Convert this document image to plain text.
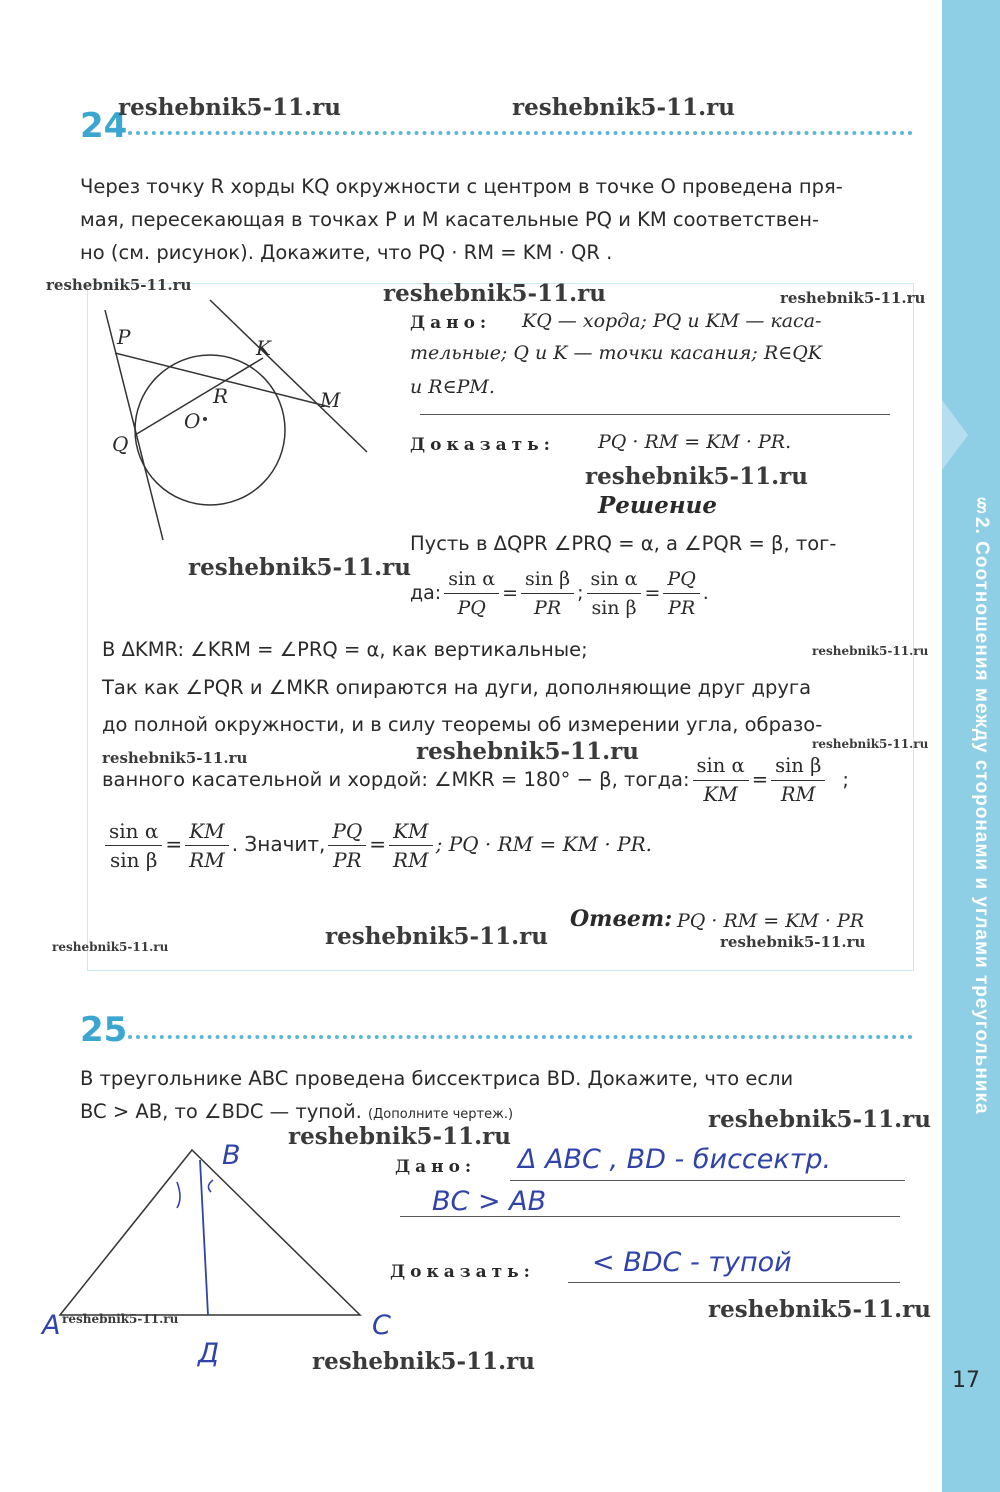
§2. Соотношения между сторонами и углами треугольника
24
Через точку R хорды KQ окружности с центром в точке O проведена пря-
мая, пересекающая в точках P и M касательные PQ и KM соответствен-
но (см. рисунок). Докажите, что PQ · RM = KM · QR .
P	K
R	M
O
Q
Дано: KQ — хорда; PQ и KM — каса-
тельные; Q и K — точки касания; R∈QK
и R∈PM.
Доказать: PQ · RM = KM · PR.
Решение
Пусть в ΔQPR ∠PRQ = α, а ∠PQR = β, тог-
да: $\frac{\text{sin α}}{PQ} = \frac{\text{sin β}}{PR}$ ; $\frac{\text{sin α}}{\text{sin β}} = \frac{PQ}{PR}$ .
В ΔKMR: ∠KRM = ∠PRQ = α, как вертикальные;
Так как ∠PQR и ∠MKR опираются на дуги, дополняющие друг друга
до полной окружности, и в силу теоремы об измерении угла, образо-
ванного касательной и хордой: ∠MKR = 180° − β, тогда: $\frac{\text{sin α}}{KM} = \frac{\text{sin β}}{RM}$ ;
$\frac{\text{sin α}}{\text{sin β}} = \frac{KM}{RM}$ . Значит, $\frac{PQ}{PR} = \frac{KM}{RM}$ ; PQ · RM = KM · PR.
Ответ: PQ · RM = KM · PR
25
В треугольнике ABC проведена биссектриса BD. Докажите, что если
BC > AB, то ∠BDC — тупой. (Дополните чертеж.)
B
A	C
Д
Дано: Δ ABC , BD - биссектр.
BC > AB
Доказать: < BDC - тупой
17
reshebnik5-11.ru	reshebnik5-11.ru
reshebnik5-11.ru	reshebnik5-11.ru	reshebnik5-11.ru
reshebnik5-11.ru
reshebnik5-11.ru
reshebnik5-11.ru
reshebnik5-11.ru
reshebnik5-11.ru	reshebnik5-11.ru
reshebnik5-11.ru	reshebnik5-11.ru
reshebnik5-11.ru
reshebnik5-11.ru
reshebnik5-11.ru
reshebnik5-11.ru
reshebnik5-11.ru
reshebnik5-11.ru
